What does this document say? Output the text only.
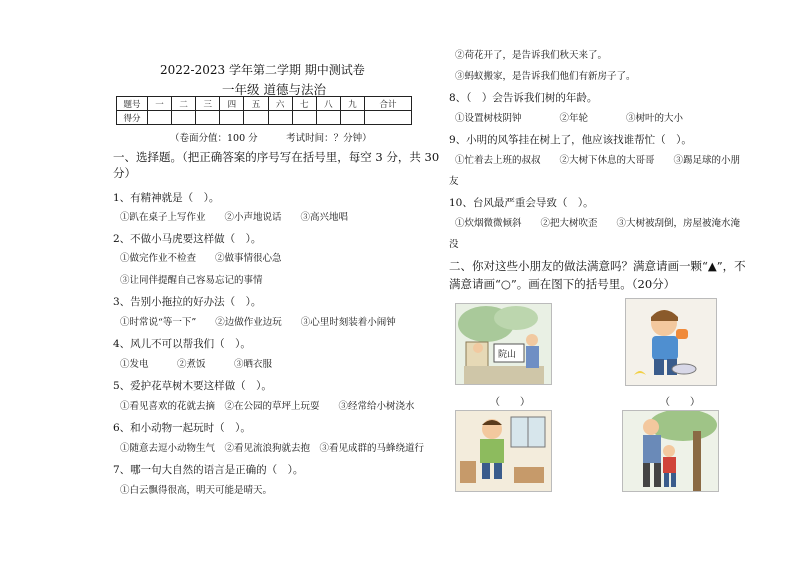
2022-2023 学年第二学期 期中测试卷
一年级 道德与法治
题号	一	二	三	四	五	六	七	八	九	合计
得分										
（卷面分值：100 分　　　考试时间：？分钟）
一、选择题。（把正确答案的序号写在括号里，每空 3 分，共 30
分）
1、有精神就是（　）。
①趴在桌子上写作业　　②小声地说话　　③高兴地唱
2、不做小马虎要这样做（　）。
①做完作业不检查　　②做事情很心急
③让同伴提醒自己容易忘记的事情
3、告别小拖拉的好办法（　）。
①时常说“等一下”　　②边做作业边玩　　③心里时刻装着小闹钟
4、风儿不可以帮我们（　）。
①发电　　　②煮饭　　　③晒衣服
5、爱护花草树木要这样做（　）。
①看见喜欢的花就去摘　②在公园的草坪上玩耍　　③经常给小树浇水
6、和小动物一起玩时（　）。
①随意去逗小动物生气　②看见流浪狗就去抱　③看见成群的马蜂绕道行
7、哪一句大自然的语言是正确的（　）。
①白云飘得很高，明天可能是晴天。
②荷花开了，是告诉我们秋天来了。
③蚂蚁搬家，是告诉我们他们有新房子了。
8、（　）会告诉我们树的年龄。
①设置树枝阴钟　　　　②年轮　　　　③树叶的大小
9、小明的风筝挂在树上了，他应该找谁帮忙（　）。
①忙着去上班的叔叔　　②大树下休息的大哥哥　　③踢足球的小朋
友
10、台风最严重会导致（　）。
①炊烟微微倾斜　　②把大树吹歪　　③大树被刮倒，房屋被淹水淹
没
二、你对这些小朋友的做法满意吗？满意请画一颗“▲”，不
满意请画“○”。画在图下的括号里。（20分）
院山
（　　）	（　　）
